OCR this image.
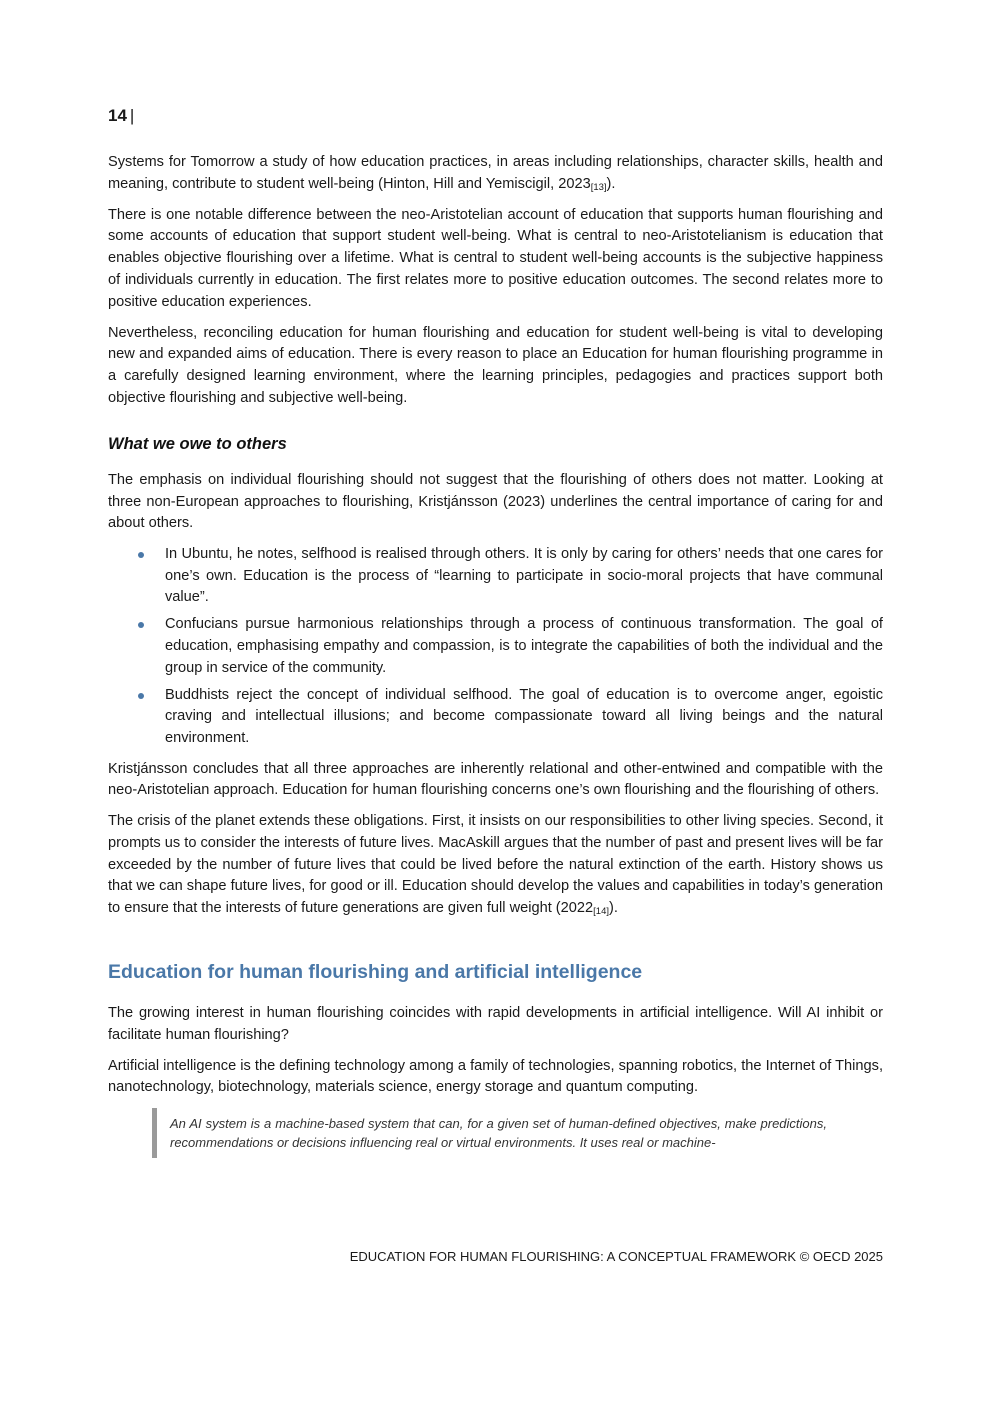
14 |

Systems for Tomorrow a study of how education practices, in areas including relationships, character skills, health and meaning, contribute to student well-being (Hinton, Hill and Yemiscigil, $2023_{[13]}$).

There is one notable difference between the neo-Aristotelian account of education that supports human flourishing and some accounts of education that support student well-being. What is central to neo-Aristotelianism is education that enables objective flourishing over a lifetime. What is central to student well-being accounts is the subjective happiness of individuals currently in education. The first relates more to positive education outcomes. The second relates more to positive education experiences.

Nevertheless, reconciling education for human flourishing and education for student well-being is vital to developing new and expanded aims of education. There is every reason to place an Education for human flourishing programme in a carefully designed learning environment, where the learning principles, pedagogies and practices support both objective flourishing and subjective well-being.

What we owe to others

The emphasis on individual flourishing should not suggest that the flourishing of others does not matter. Looking at three non-European approaches to flourishing, Kristjánsson (2023) underlines the central importance of caring for and about others.

In Ubuntu, he notes, selfhood is realised through others. It is only by caring for others’ needs that one cares for one’s own. Education is the process of “learning to participate in socio-moral projects that have communal value”.
Confucians pursue harmonious relationships through a process of continuous transformation. The goal of education, emphasising empathy and compassion, is to integrate the capabilities of both the individual and the group in service of the community.
Buddhists reject the concept of individual selfhood. The goal of education is to overcome anger, egoistic craving and intellectual illusions; and become compassionate toward all living beings and the natural environment.

Kristjánsson concludes that all three approaches are inherently relational and other-entwined and compatible with the neo-Aristotelian approach. Education for human flourishing concerns one’s own flourishing and the flourishing of others.

The crisis of the planet extends these obligations. First, it insists on our responsibilities to other living species. Second, it prompts us to consider the interests of future lives. MacAskill argues that the number of past and present lives will be far exceeded by the number of future lives that could be lived before the natural extinction of the earth. History shows us that we can shape future lives, for good or ill. Education should develop the values and capabilities in today’s generation to ensure that the interests of future generations are given full weight $(2022_{[14]})$.

Education for human flourishing and artificial intelligence

The growing interest in human flourishing coincides with rapid developments in artificial intelligence. Will AI inhibit or facilitate human flourishing?

Artificial intelligence is the defining technology among a family of technologies, spanning robotics, the Internet of Things, nanotechnology, biotechnology, materials science, energy storage and quantum computing.

An AI system is a machine-based system that can, for a given set of human-defined objectives, make predictions, recommendations or decisions influencing real or virtual environments. It uses real or machine-

EDUCATION FOR HUMAN FLOURISHING: A CONCEPTUAL FRAMEWORK © OECD 2025
